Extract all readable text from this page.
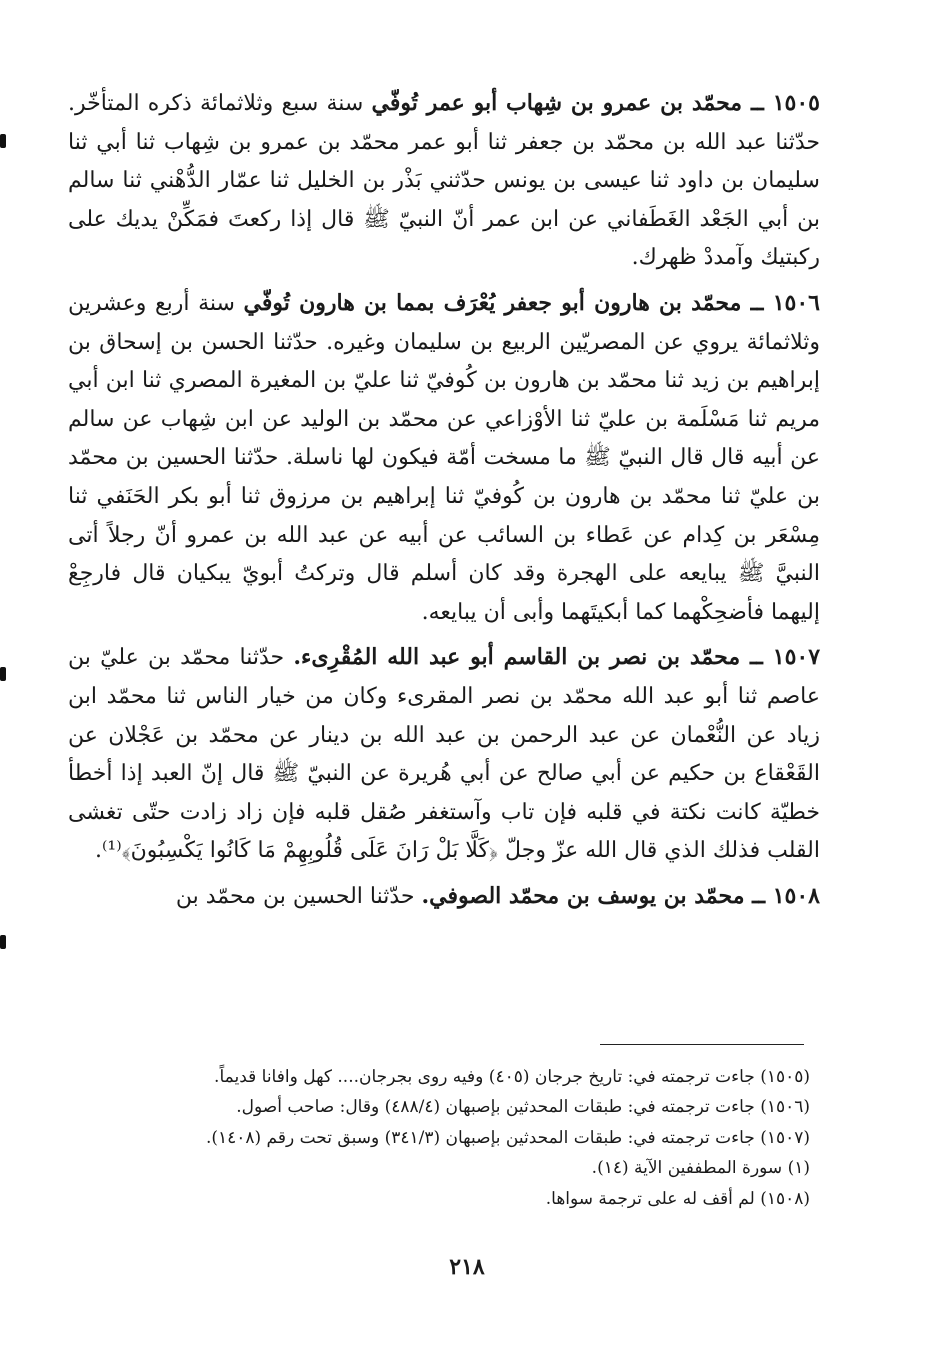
١٥٠٥ ــ محمّد بن عمرو بن شِهاب أبو عمر تُوفّي سنة سبع وثلاثمائة ذكره المتأخّر. حدّثنا عبد الله بن محمّد بن جعفر ثنا أبو عمر محمّد بن عمرو بن شِهاب ثنا أبي ثنا سليمان بن داود ثنا عيسى بن يونس حدّثني بَذْر بن الخليل ثنا عمّار الدُّهْني ثنا سالم بن أبي الجَعْد الغَطَفاني عن ابن عمر أنّ النبيّ ﷺ قال إذا ركعتَ فمَكِّنْ يديك على ركبتيك وآمددْ ظهرك.

١٥٠٦ ــ محمّد بن هارون أبو جعفر يُعْرَف بمما بن هارون تُوفّي سنة أربع وعشرين وثلاثمائة يروي عن المصريّين الربيع بن سليمان وغيره. حدّثنا الحسن بن إسحاق بن إبراهيم بن زيد ثنا محمّد بن هارون بن كُوفيّ ثنا عليّ بن المغيرة المصري ثنا ابن أبي مريم ثنا مَسْلَمة بن عليّ ثنا الأوْزاعي عن محمّد بن الوليد عن ابن شِهاب عن سالم عن أبيه قال قال النبيّ ﷺ ما مسخت أمّة فيكون لها ناسلة. حدّثنا الحسين بن محمّد بن عليّ ثنا محمّد بن هارون بن كُوفيّ ثنا إبراهيم بن مرزوق ثنا أبو بكر الحَنَفي ثنا مِسْعَر بن كِدام عن عَطاء بن السائب عن أبيه عن عبد الله بن عمرو أنّ رجلاً أتى النبيَّ ﷺ يبايعه على الهجرة وقد كان أسلم قال وتركتُ أبويّ يبكيان قال فارجِعْ إليهما فأضحِكْهما كما أبكيتَهما وأبى أن يبايعه.

١٥٠٧ ــ محمّد بن نصر بن القاسم أبو عبد الله المُقْرِىء. حدّثنا محمّد بن عليّ بن عاصم ثنا أبو عبد الله محمّد بن نصر المقرىء وكان من خيار الناس ثنا محمّد ابن زياد عن النُّعْمان عن عبد الرحمن بن عبد الله بن دينار عن محمّد بن عَجْلان عن القَعْقاع بن حكيم عن أبي صالح عن أبي هُريرة عن النبيّ ﷺ قال إنّ العبد إذا أخطأ خطيّة كانت نكتة في قلبه فإن تاب وآستغفر صُقل قلبه فإن زاد زادت حتّى تغشى القلب فذلك الذي قال الله عزّ وجلّ ﴿كَلَّا بَلْ رَانَ عَلَى قُلُوبِهِمْ مَا كَانُوا يَكْسِبُونَ﴾⁽¹⁾.

١٥٠٨ ــ محمّد بن يوسف بن محمّد الصوفي. حدّثنا الحسين بن محمّد بن

(١٥٠٥) جاءت ترجمته في: تاريخ جرجان (٤٠٥) وفيه روى بجرجان.... كهل وافانا قديماً.

(١٥٠٦) جاءت ترجمته في: طبقات المحدثين بإصبهان (٤٨٨/٤) وقال: صاحب أصول.

(١٥٠٧) جاءت ترجمته في: طبقات المحدثين بإصبهان (٣٤١/٣) وسبق تحت رقم (١٤٠٨).

(١) سورة المطففين الآية (١٤).

(١٥٠٨) لم أقف له على ترجمة سواها.

٢١٨
